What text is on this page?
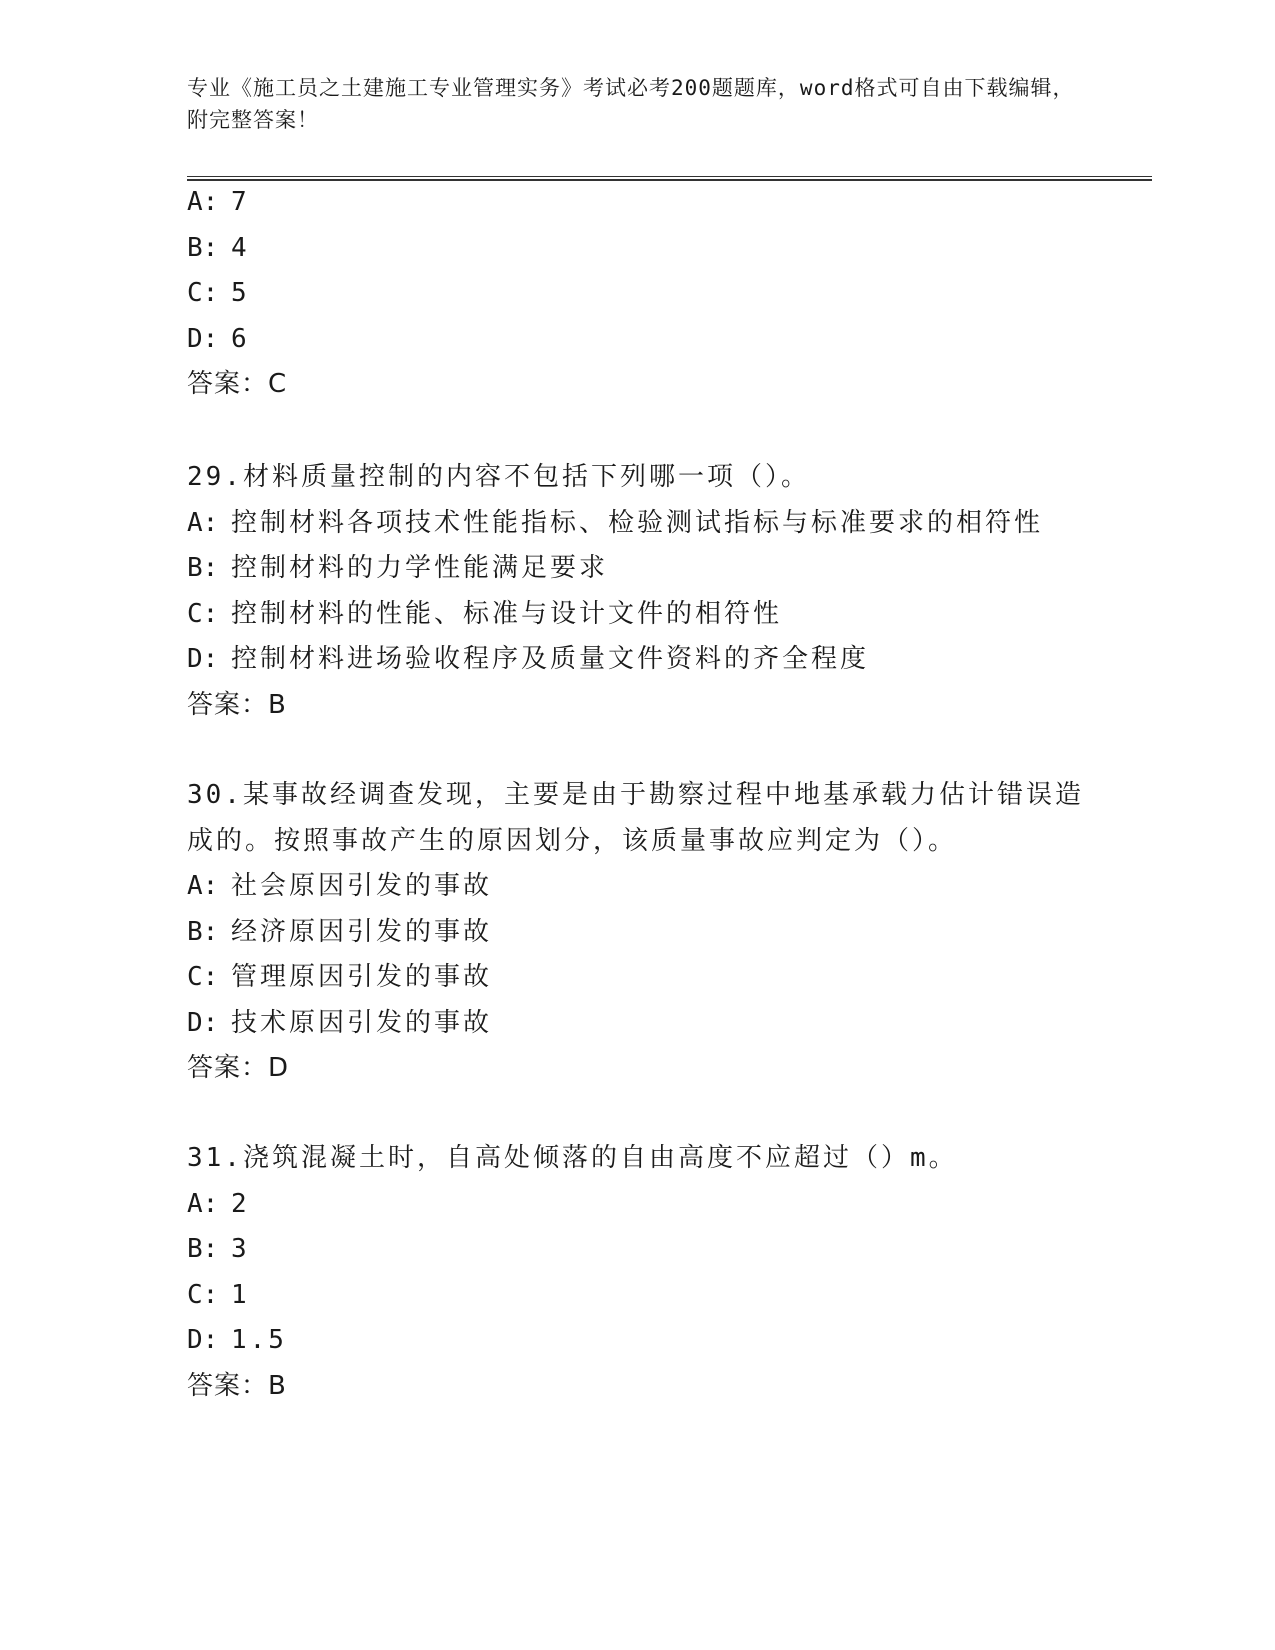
专业《施工员之土建施工专业管理实务》考试必考200题题库，word格式可自由下载编辑，附完整答案！
A: 7
B: 4
C: 5
D: 6
答案：C
29.材料质量控制的内容不包括下列哪一项（）。
A: 控制材料各项技术性能指标、检验测试指标与标准要求的相符性
B: 控制材料的力学性能满足要求
C: 控制材料的性能、标准与设计文件的相符性
D: 控制材料进场验收程序及质量文件资料的齐全程度
答案：B
30.某事故经调查发现，主要是由于勘察过程中地基承载力估计错误造成的。按照事故产生的原因划分，该质量事故应判定为（）。
A: 社会原因引发的事故
B: 经济原因引发的事故
C: 管理原因引发的事故
D: 技术原因引发的事故
答案：D
31.浇筑混凝土时，自高处倾落的自由高度不应超过（）m。
A: 2
B: 3
C: 1
D: 1.5
答案：B
